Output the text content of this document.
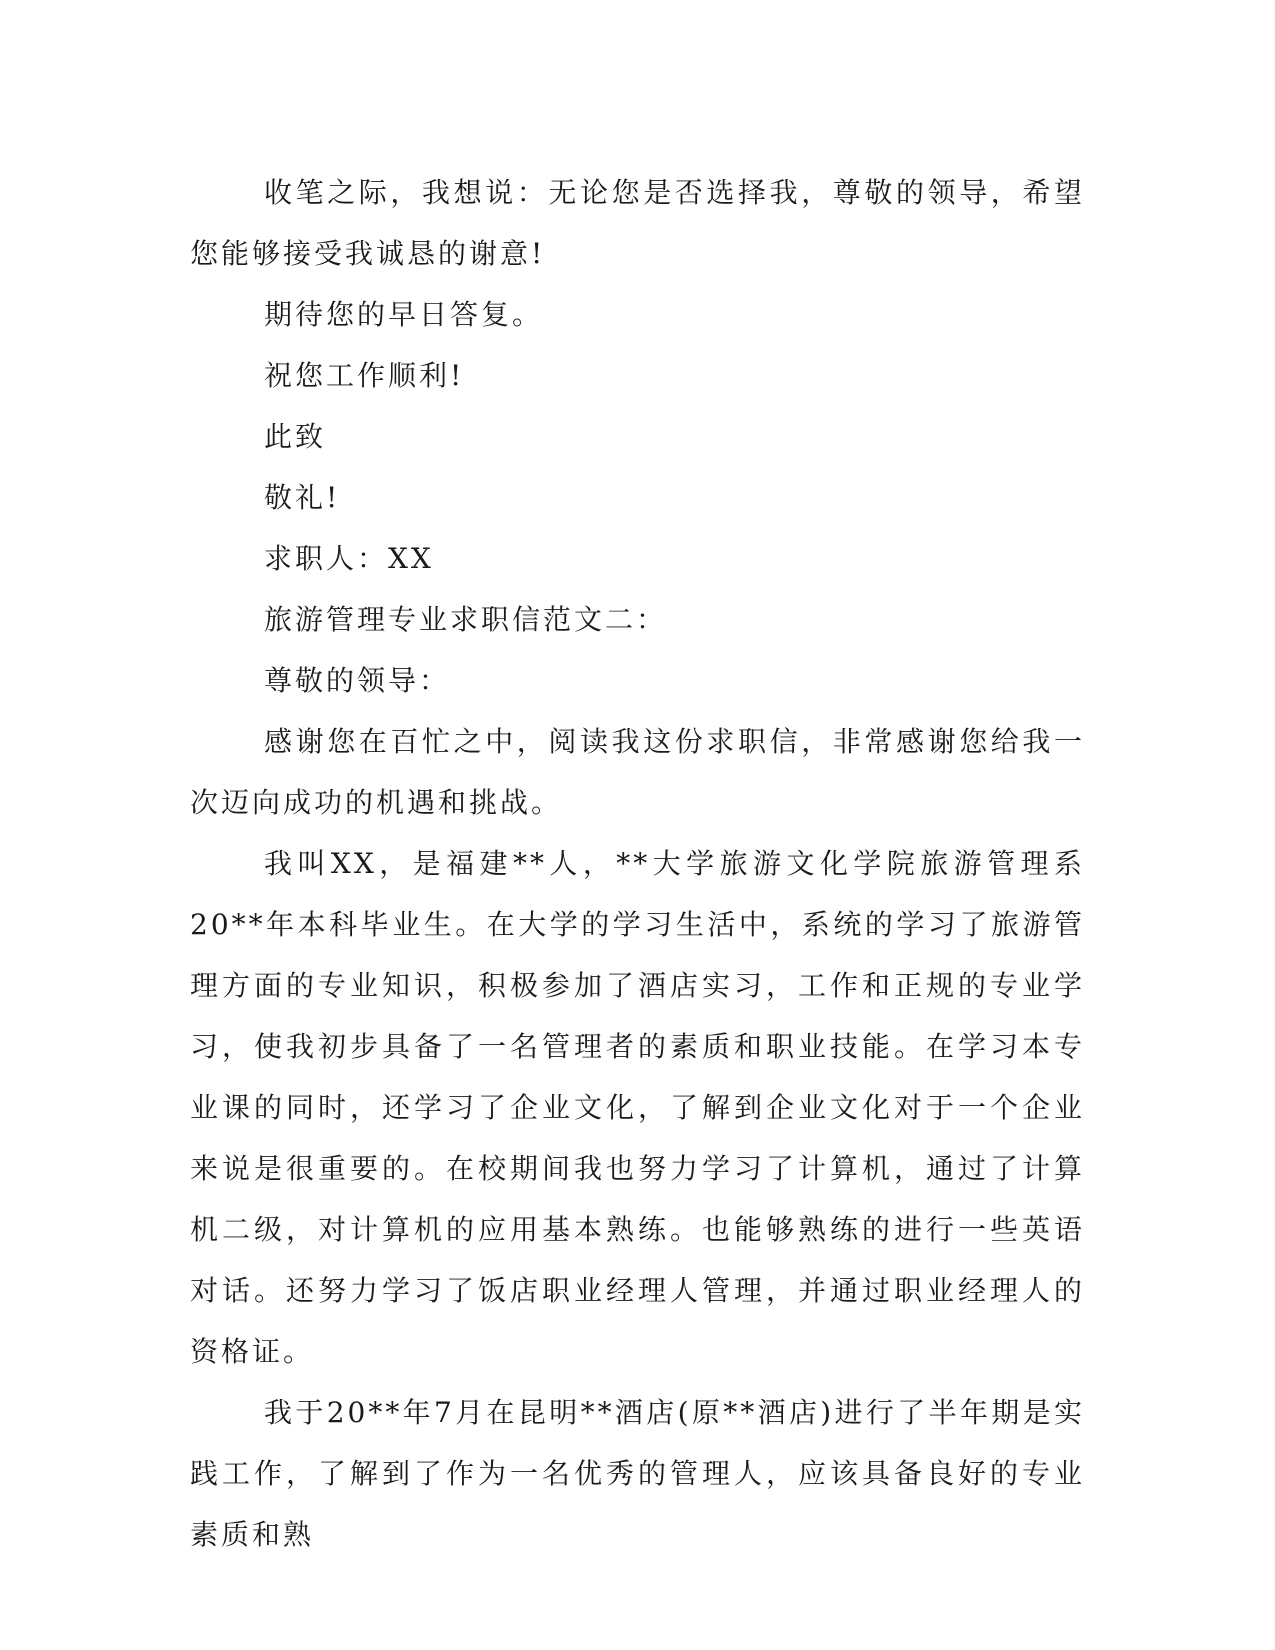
收笔之际，我想说：无论您是否选择我，尊敬的领导，希望您能够接受我诚恳的谢意!

期待您的早日答复。

祝您工作顺利!

此致

敬礼!

求职人：XX

旅游管理专业求职信范文二：

尊敬的领导：

感谢您在百忙之中，阅读我这份求职信，非常感谢您给我一次迈向成功的机遇和挑战。

我叫XX，是福建**人，**大学旅游文化学院旅游管理系20**年本科毕业生。在大学的学习生活中，系统的学习了旅游管理方面的专业知识，积极参加了酒店实习，工作和正规的专业学习，使我初步具备了一名管理者的素质和职业技能。在学习本专业课的同时，还学习了企业文化，了解到企业文化对于一个企业来说是很重要的。在校期间我也努力学习了计算机，通过了计算机二级，对计算机的应用基本熟练。也能够熟练的进行一些英语对话。还努力学习了饭店职业经理人管理，并通过职业经理人的资格证。

我于20**年7月在昆明**酒店(原**酒店)进行了半年期是实践工作，了解到了作为一名优秀的管理人，应该具备良好的专业素质和熟
